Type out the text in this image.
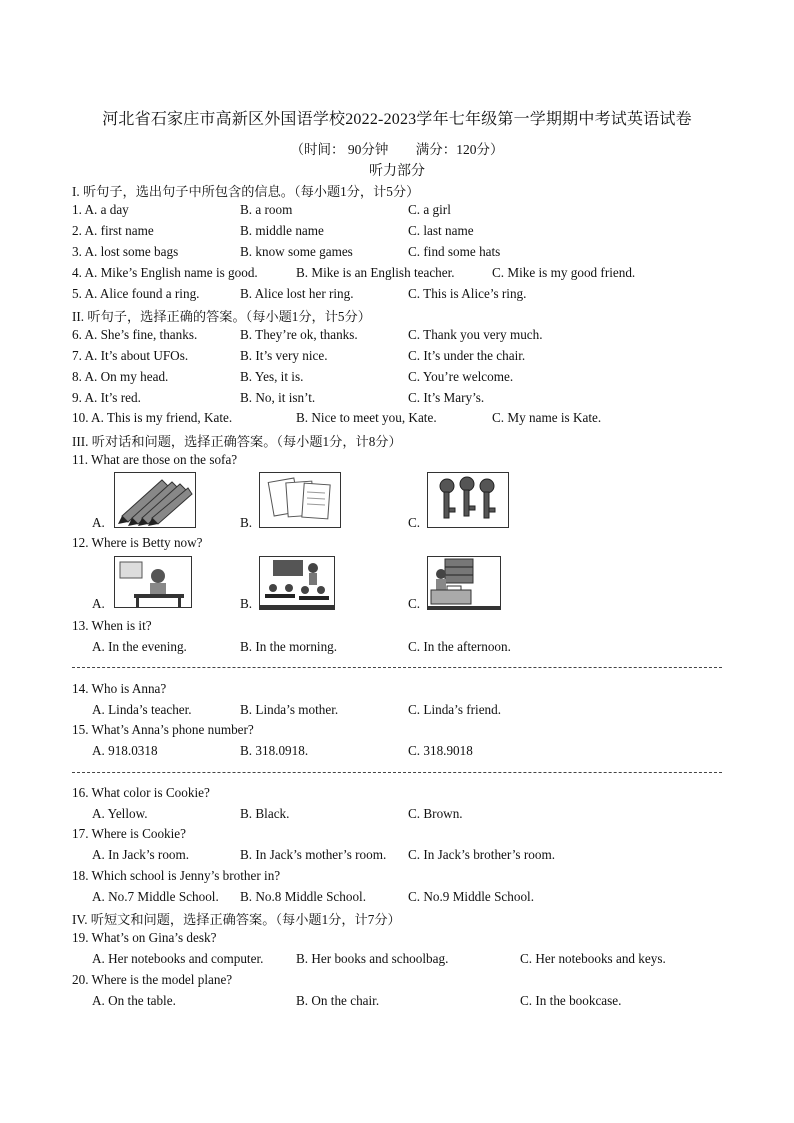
河北省石家庄市高新区外国语学校2022-2023学年七年级第一学期期中考试英语试卷
（时间： 90分钟 满分：120分）
听力部分
I. 听句子，选出句子中所包含的信息。（每小题1分，计5分）
1. A. a day	B. a room	C. a girl
2. A. first name	B. middle name	C. last name
3. A. lost some bags	B. know some games	C. find some hats
4. A. Mike’s English name is good.	B. Mike is an English teacher.	C. Mike is my good friend.
5. A. Alice found a ring.	B. Alice lost her ring.	C. This is Alice’s ring.
II. 听句子，选择正确的答案。（每小题1分，计5分）
6. A. She’s fine, thanks.	B. They’re ok, thanks.	C. Thank you very much.
7. A. It’s about UFOs.	B. It’s very nice.	C. It’s under the chair.
8. A. On my head.	B. Yes, it is.	C. You’re welcome.
9. A. It’s red.	B. No, it isn’t.	C. It’s Mary’s.
10. A. This is my friend, Kate.	B. Nice to meet you, Kate.	C. My name is Kate.
III. 听对话和问题，选择正确答案。（每小题1分，计8分）
11. What are those on the sofa?
A.	B.	C.
12. Where is Betty now?
A.	B.	C.
13. When is it?
A. In the evening.	B. In the morning.	C. In the afternoon.
14. Who is Anna?
A. Linda’s teacher.	B. Linda’s mother.	C. Linda’s friend.
15. What’s Anna’s phone number?
A. 918.0318	B. 318.0918.	C. 318.9018
16. What color is Cookie?
A. Yellow.	B. Black.	C. Brown.
17. Where is Cookie?
A. In Jack’s room.	B. In Jack’s mother’s room. C. In Jack’s brother’s room.
18. Which school is Jenny’s brother in?
A. No.7 Middle School. B. No.8 Middle School.	C. No.9 Middle School.
IV. 听短文和问题，选择正确答案。（每小题1分，计7分）
19. What’s on Gina’s desk?
A. Her notebooks and computer. B. Her books and schoolbag.	C. Her notebooks and keys.
20. Where is the model plane?
A. On the table.	B. On the chair.	C. In the bookcase.
